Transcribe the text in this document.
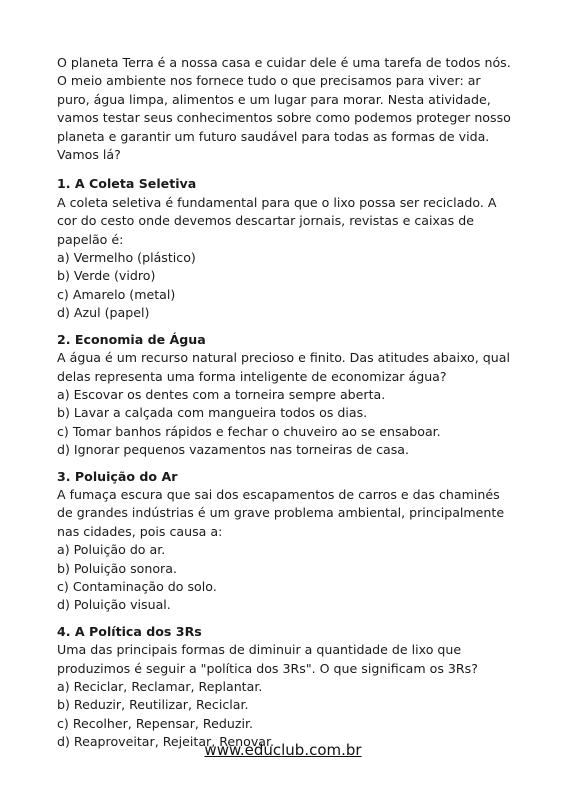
O planeta Terra é a nossa casa e cuidar dele é uma tarefa de todos nós. O meio ambiente nos fornece tudo o que precisamos para viver: ar puro, água limpa, alimentos e um lugar para morar. Nesta atividade, vamos testar seus conhecimentos sobre como podemos proteger nosso planeta e garantir um futuro saudável para todas as formas de vida. Vamos lá?

1. A Coleta Seletiva

A coleta seletiva é fundamental para que o lixo possa ser reciclado. A cor do cesto onde devemos descartar jornais, revistas e caixas de papelão é:

a) Vermelho (plástico)

b) Verde (vidro)

c) Amarelo (metal)

d) Azul (papel)

2. Economia de Água

A água é um recurso natural precioso e finito. Das atitudes abaixo, qual delas representa uma forma inteligente de economizar água?

a) Escovar os dentes com a torneira sempre aberta.

b) Lavar a calçada com mangueira todos os dias.

c) Tomar banhos rápidos e fechar o chuveiro ao se ensaboar.

d) Ignorar pequenos vazamentos nas torneiras de casa.

3. Poluição do Ar

A fumaça escura que sai dos escapamentos de carros e das chaminés de grandes indústrias é um grave problema ambiental, principalmente nas cidades, pois causa a:

a) Poluição do ar.

b) Poluição sonora.

c) Contaminação do solo.

d) Poluição visual.

4. A Política dos 3Rs

Uma das principais formas de diminuir a quantidade de lixo que produzimos é seguir a "política dos 3Rs". O que significam os 3Rs?

a) Reciclar, Reclamar, Replantar.

b) Reduzir, Reutilizar, Reciclar.

c) Recolher, Repensar, Reduzir.

d) Reaproveitar, Rejeitar, Renovar.

www.educlub.com.br
